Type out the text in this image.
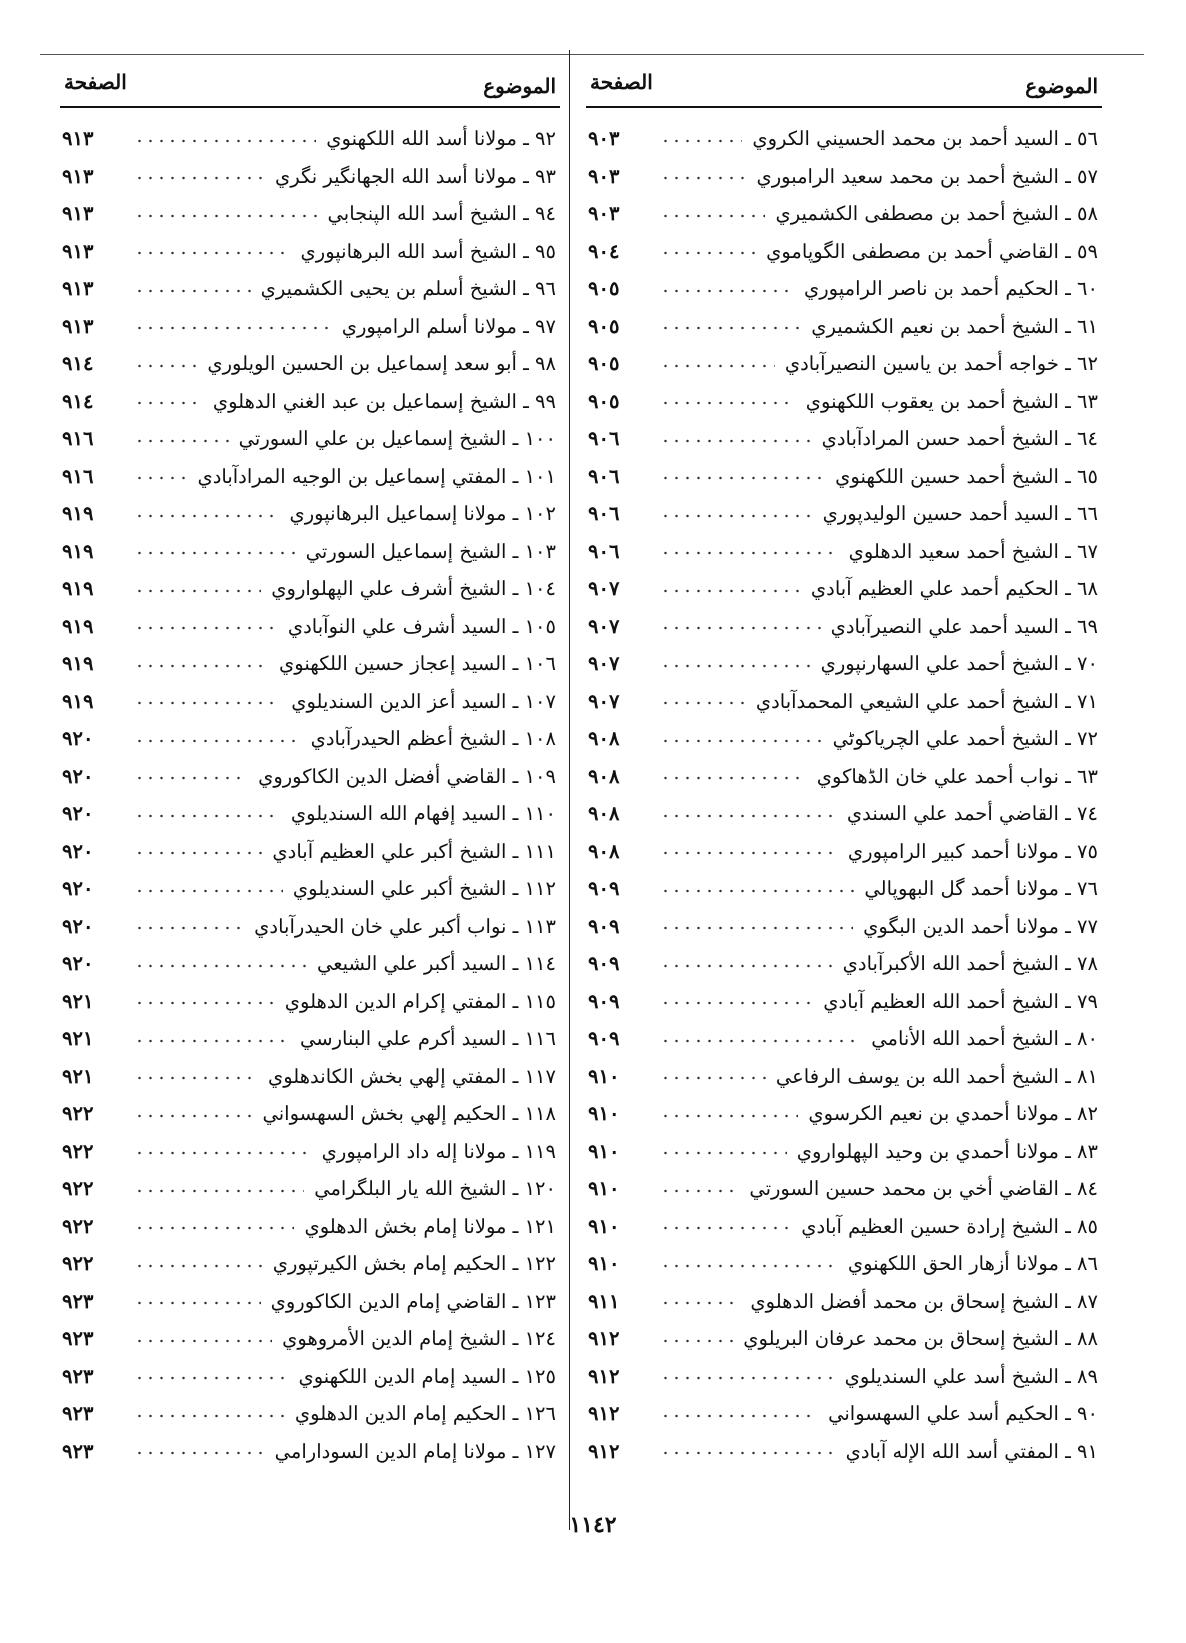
الموضوع
الصفحة
٥٦ ـ السيد أحمد بن محمد الحسيني الكروي
٩٠٣
٥٧ ـ الشيخ أحمد بن محمد سعيد الرامبوري
٩٠٣
٥٨ ـ الشيخ أحمد بن مصطفى الكشميري
٩٠٣
٥٩ ـ القاضي أحمد بن مصطفى الگوپاموي
٩٠٤
٦٠ ـ الحكيم أحمد بن ناصر الرامپوري
٩٠٥
٦١ ـ الشيخ أحمد بن نعيم الكشميري
٩٠٥
٦٢ ـ خواجه أحمد بن ياسين النصيرآبادي
٩٠٥
٦٣ ـ الشيخ أحمد بن يعقوب اللكهنوي
٩٠٥
٦٤ ـ الشيخ أحمد حسن المرادآبادي
٩٠٦
٦٥ ـ الشيخ أحمد حسين اللكهنوي
٩٠٦
٦٦ ـ السيد أحمد حسين الوليدپوري
٩٠٦
٦٧ ـ الشيخ أحمد سعيد الدهلوي
٩٠٦
٦٨ ـ الحكيم أحمد علي العظيم آبادي
٩٠٧
٦٩ ـ السيد أحمد علي النصيرآبادي
٩٠٧
٧٠ ـ الشيخ أحمد علي السهارنپوري
٩٠٧
٧١ ـ الشيخ أحمد علي الشيعي المحمدآبادي
٩٠٧
٧٢ ـ الشيخ أحمد علي الچرياكوٹي
٩٠٨
٦٣ ـ نواب أحمد علي خان الڈهاكوي
٩٠٨
٧٤ ـ القاضي أحمد علي السندي
٩٠٨
٧٥ ـ مولانا أحمد كبير الرامپوري
٩٠٨
٧٦ ـ مولانا أحمد گل البهوپالي
٩٠٩
٧٧ ـ مولانا أحمد الدين البگوي
٩٠٩
٧٨ ـ الشيخ أحمد الله الأكبرآبادي
٩٠٩
٧٩ ـ الشيخ أحمد الله العظيم آبادي
٩٠٩
٨٠ ـ الشيخ أحمد الله الأنامي
٩٠٩
٨١ ـ الشيخ أحمد الله بن يوسف الرفاعي
٩١٠
٨٢ ـ مولانا أحمدي بن نعيم الكرسوي
٩١٠
٨٣ ـ مولانا أحمدي بن وحيد الپهلواروي
٩١٠
٨٤ ـ القاضي أخي بن محمد حسين السورتي
٩١٠
٨٥ ـ الشيخ إرادة حسين العظيم آبادي
٩١٠
٨٦ ـ مولانا أزهار الحق اللكهنوي
٩١٠
٨٧ ـ الشيخ إسحاق بن محمد أفضل الدهلوي
٩١١
٨٨ ـ الشيخ إسحاق بن محمد عرفان البريلوي
٩١٢
٨٩ ـ الشيخ أسد علي السنديلوي
٩١٢
٩٠ ـ الحكيم أسد علي السهسواني
٩١٢
٩١ ـ المفتي أسد الله الإله آبادي
٩١٢
الموضوع
الصفحة
٩٢ ـ مولانا أسد الله اللكهنوي
٩١٣
٩٣ ـ مولانا أسد الله الجهانگير نگري
٩١٣
٩٤ ـ الشيخ أسد الله الپنجابي
٩١٣
٩٥ ـ الشيخ أسد الله البرهانپوري
٩١٣
٩٦ ـ الشيخ أسلم بن يحيى الكشميري
٩١٣
٩٧ ـ مولانا أسلم الرامپوري
٩١٣
٩٨ ـ أبو سعد إسماعيل بن الحسين الويلوري
٩١٤
٩٩ ـ الشيخ إسماعيل بن عبد الغني الدهلوي
٩١٤
١٠٠ ـ الشيخ إسماعيل بن علي السورتي
٩١٦
١٠١ ـ المفتي إسماعيل بن الوجيه المرادآبادي
٩١٦
١٠٢ ـ مولانا إسماعيل البرهانپوري
٩١٩
١٠٣ ـ الشيخ إسماعيل السورتي
٩١٩
١٠٤ ـ الشيخ أشرف علي الپهلواروي
٩١٩
١٠٥ ـ السيد أشرف علي النوآبادي
٩١٩
١٠٦ ـ السيد إعجاز حسين اللكهنوي
٩١٩
١٠٧ ـ السيد أعز الدين السنديلوي
٩١٩
١٠٨ ـ الشيخ أعظم الحيدرآبادي
٩٢٠
١٠٩ ـ القاضي أفضل الدين الكاكوروي
٩٢٠
١١٠ ـ السيد إفهام الله السنديلوي
٩٢٠
١١١ ـ الشيخ أكبر علي العظيم آبادي
٩٢٠
١١٢ ـ الشيخ أكبر علي السنديلوي
٩٢٠
١١٣ ـ نواب أكبر علي خان الحيدرآبادي
٩٢٠
١١٤ ـ السيد أكبر علي الشيعي
٩٢٠
١١٥ ـ المفتي إكرام الدين الدهلوي
٩٢١
١١٦ ـ السيد أكرم علي البنارسي
٩٢١
١١٧ ـ المفتي إلهي بخش الكاندهلوي
٩٢١
١١٨ ـ الحكيم إلهي بخش السهسواني
٩٢٢
١١٩ ـ مولانا إله داد الرامپوري
٩٢٢
١٢٠ ـ الشيخ الله يار البلگرامي
٩٢٢
١٢١ ـ مولانا إمام بخش الدهلوي
٩٢٢
١٢٢ ـ الحكيم إمام بخش الكيرتپوري
٩٢٢
١٢٣ ـ القاضي إمام الدين الكاكوروي
٩٢٣
١٢٤ ـ الشيخ إمام الدين الأمروهوي
٩٢٣
١٢٥ ـ السيد إمام الدين اللكهنوي
٩٢٣
١٢٦ ـ الحكيم إمام الدين الدهلوي
٩٢٣
١٢٧ ـ مولانا إمام الدين السودارامي
٩٢٣
١١٤٢
